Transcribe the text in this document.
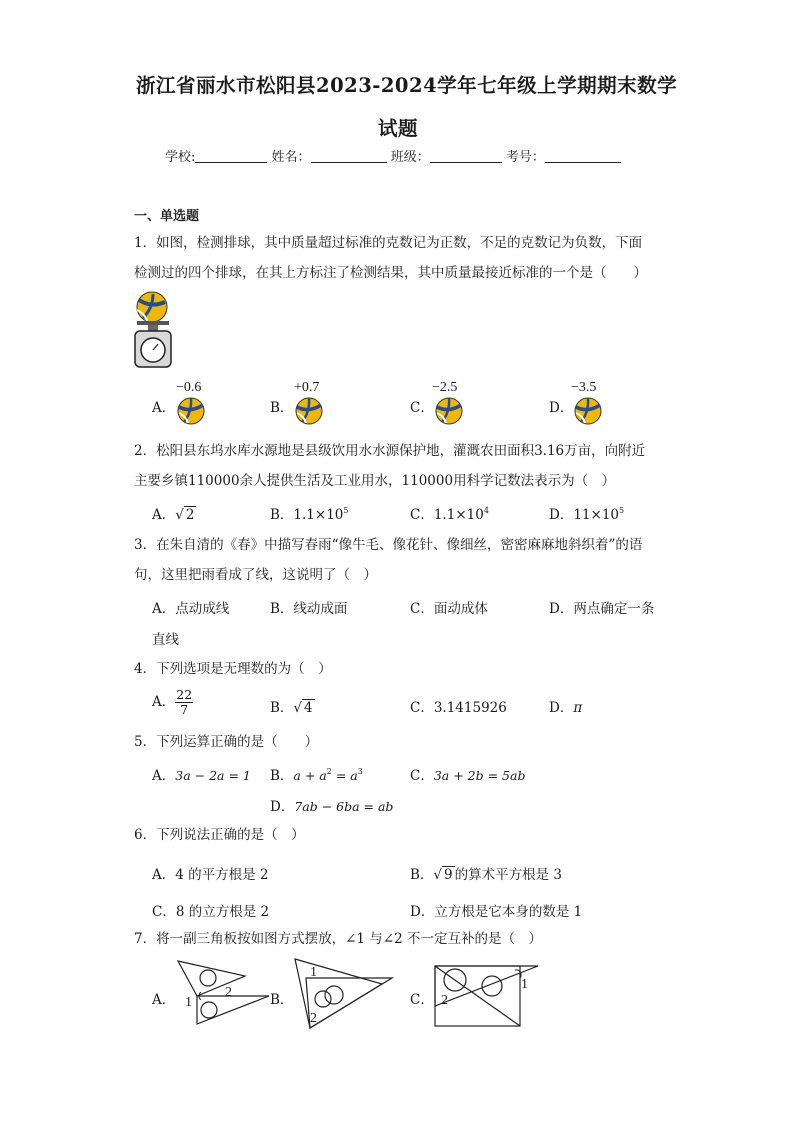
浙江省丽水市松阳县2023-2024学年七年级上学期期末数学
试题
学校:	姓名：	班级：	考号：
一、单选题
1．如图，检测排球，其中质量超过标准的克数记为正数，不足的克数记为负数，下面
检测过的四个排球，在其上方标注了检测结果，其中质量最接近标准的一个是（　　）
A．
−0.6
B．
+0.7
C．
−2.5
D．
−3.5
2．松阳县东坞水库水源地是县级饮用水水源保护地，灌溉农田面积3.16万亩，向附近
主要乡镇110000余人提供生活及工业用水，110000用科学记数法表示为（　）
A．√ 2	B．$1.1\times 10^5$	C．$1.1\times 10^4$	D．$11\times 10^5$
3．在朱自清的《春》中描写春雨“像牛毛、像花针、像细丝，密密麻麻地斜织着”的语
句，这里把雨看成了线，这说明了（　）
A．点动成线	B．线动成面	C．面动成体	D．两点确定一条
直线
4．下列选项是无理数的为（　）
A． $\frac{22}{7}$	B．√ 4	C．3.1415926	D．π
5．下列运算正确的是（　　）
A．3a − 2a = 1 B．$a + a^2 = a^3$	C．3a + 2b = 5ab
D．7ab − 6ba = ab
6．下列说法正确的是（　）
A．4 的平方根是 2	B．√ 9 的算术平方根是 3
C．8 的立方根是 2	D．立方根是它本身的数是 1
7．将一副三角板按如图方式摆放，∠1 与∠2 不一定互补的是（　）
A． 1
2	B．
1
2
C．
1
2
